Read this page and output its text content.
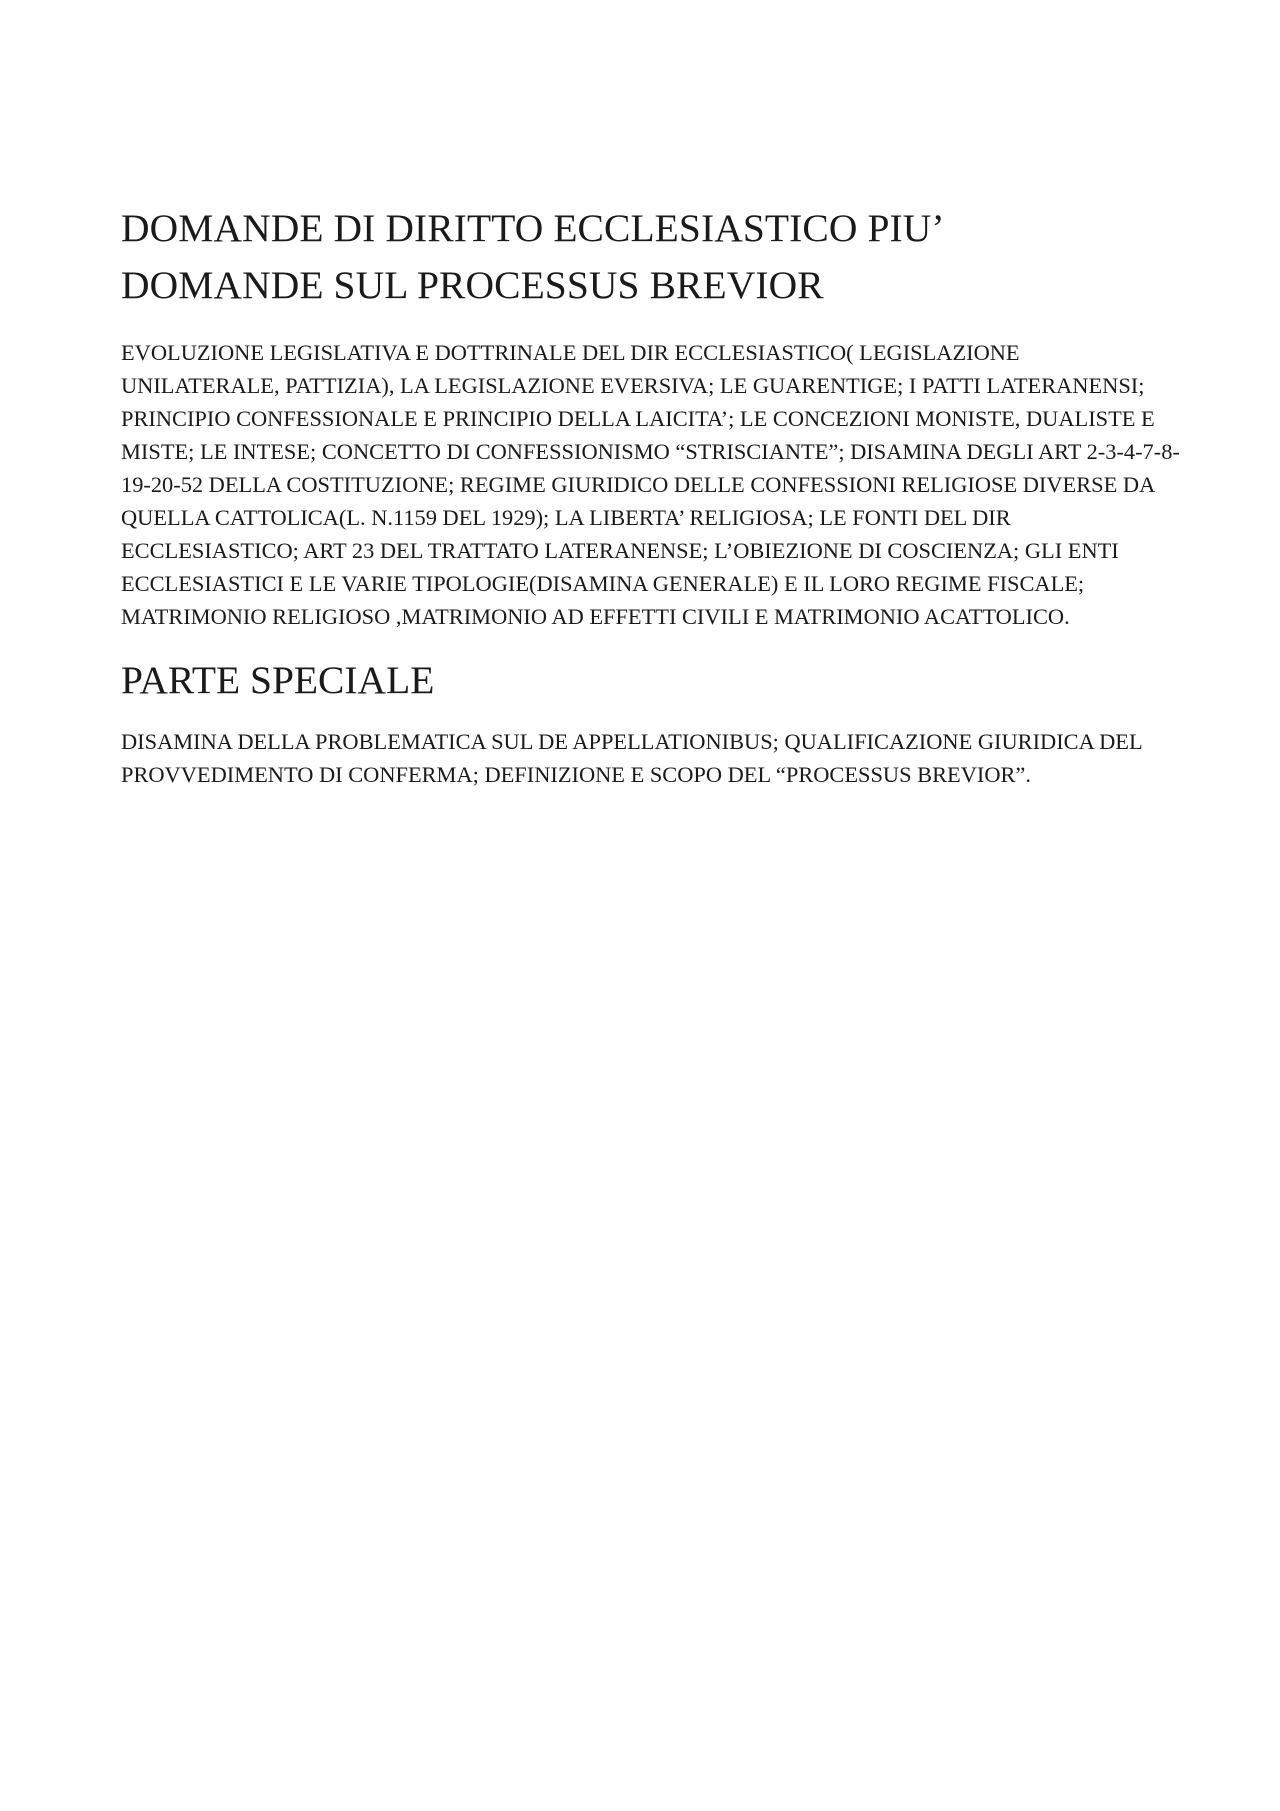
DOMANDE DI DIRITTO ECCLESIASTICO PIU’
DOMANDE SUL PROCESSUS BREVIOR

EVOLUZIONE LEGISLATIVA E DOTTRINALE DEL DIR ECCLESIASTICO( LEGISLAZIONE UNILATERALE, PATTIZIA), LA LEGISLAZIONE EVERSIVA; LE GUARENTIGE; I PATTI LATERANENSI; PRINCIPIO CONFESSIONALE E PRINCIPIO DELLA LAICITA’; LE CONCEZIONI MONISTE, DUALISTE E MISTE; LE INTESE; CONCETTO DI CONFESSIONISMO “STRISCIANTE”; DISAMINA DEGLI ART 2-3-4-7-8-19-20-52 DELLA COSTITUZIONE; REGIME GIURIDICO DELLE CONFESSIONI RELIGIOSE DIVERSE DA QUELLA CATTOLICA(L. N.1159 DEL 1929); LA LIBERTA’ RELIGIOSA; LE FONTI DEL DIR ECCLESIASTICO; ART 23 DEL TRATTATO LATERANENSE; L’OBIEZIONE DI COSCIENZA; GLI ENTI ECCLESIASTICI E LE VARIE TIPOLOGIE(DISAMINA GENERALE) E IL LORO REGIME FISCALE; MATRIMONIO RELIGIOSO ,MATRIMONIO AD EFFETTI CIVILI E MATRIMONIO ACATTOLICO.

PARTE SPECIALE

DISAMINA DELLA PROBLEMATICA SUL DE APPELLATIONIBUS; QUALIFICAZIONE GIURIDICA DEL PROVVEDIMENTO DI CONFERMA; DEFINIZIONE E SCOPO DEL “PROCESSUS BREVIOR”.
